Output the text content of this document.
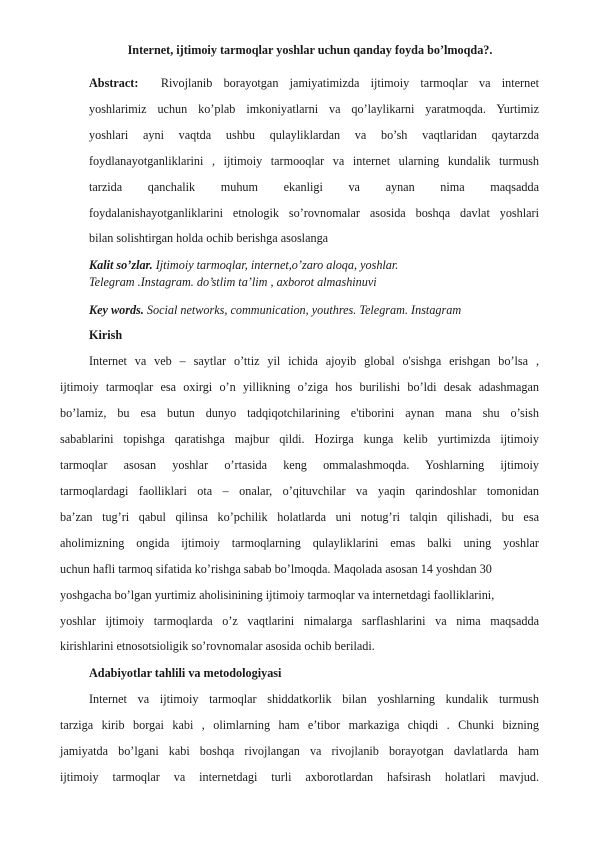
Internet, ijtimoiy tarmoqlar yoshlar uchun qanday foyda bo’lmoqda?.
Abstract: Rivojlanib borayotgan jamiyatimizda ijtimoiy tarmoqlar va internet
yoshlarimiz uchun ko’plab imkoniyatlarni va qo’laylikarni yaratmoqda. Yurtimiz
yoshlari ayni vaqtda ushbu qulayliklardan va bo’sh vaqtlaridan qaytarzda
foydlanayotganliklarini , ijtimoiy tarmooqlar va internet ularning kundalik turmush
tarzida qanchalik muhum ekanligi va aynan nima maqsadda
foydalanishayotganliklarini etnologik so’rovnomalar asosida boshqa davlat yoshlari
bilan solishtirgan holda ochib berishga asoslanga
Kalit so’zlar. Ijtimoiy tarmoqlar, internet,o’zaro aloqa, yoshlar.
Telegram .Instagram. do’stlim ta’lim , axborot almashinuvi
Key words. Social networks, communication, youthres. Telegram. Instagram
Kirish
Internet va veb – saytlar o’ttiz yil ichida ajoyib global o'sishga erishgan bo’lsa ,
ijtimoiy tarmoqlar esa oxirgi o’n yillikning o’ziga hos burilishi bo’ldi desak adashmagan
bo’lamiz, bu esa butun dunyo tadqiqotchilarining e'tiborini aynan mana shu o’sish
sabablarini topishga qaratishga majbur qildi. Hozirga kunga kelib yurtimizda ijtimoiy
tarmoqlar asosan yoshlar o’rtasida keng ommalashmoqda. Yoshlarning ijtimoiy
tarmoqlardagi faolliklari ota – onalar, o’qituvchilar va yaqin qarindoshlar tomonidan
ba’zan tug’ri qabul qilinsa ko’pchilik holatlarda uni notug’ri talqin qilishadi, bu esa
aholimizning ongida ijtimoiy tarmoqlarning qulayliklarini emas balki uning yoshlar
uchun hafli tarmoq sifatida ko’rishga sabab bo’lmoqda. Maqolada asosan 14 yoshdan 30
yoshgacha bo’lgan yurtimiz aholisinining ijtimoiy tarmoqlar va internetdagi faolliklarini,
yoshlar ijtimoiy tarmoqlarda o’z vaqtlarini nimalarga sarflashlarini va nima maqsadda
kirishlarini etnosotsioligik so’rovnomalar asosida ochib beriladi.
Adabiyotlar tahlili va metodologiyasi
Internet va ijtimoiy tarmoqlar shiddatkorlik bilan yoshlarning kundalik turmush
tarziga kirib borgai kabi , olimlarning ham e’tibor markaziga chiqdi . Chunki bizning
jamiyatda bo’lgani kabi boshqa rivojlangan va rivojlanib borayotgan davlatlarda ham
ijtimoiy tarmoqlar va internetdagi turli axborotlardan hafsirash holatlari mavjud.
